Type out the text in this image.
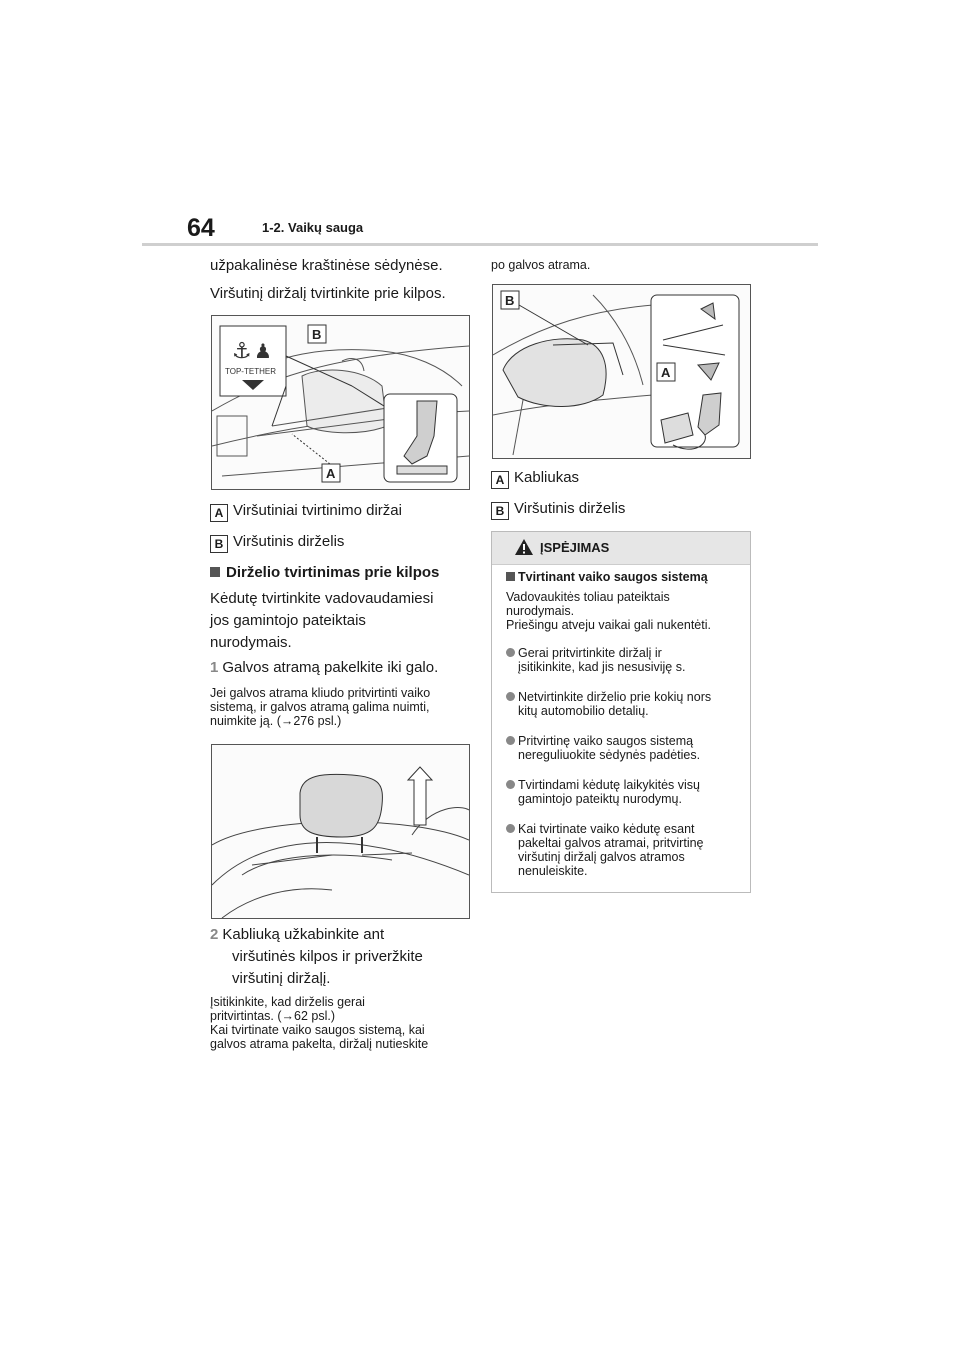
64	1-2. Vaikų sauga

užpakalinėse kraštinėse sėdynėse.

Viršutinį diržalį tvirtinkite prie kilpos.

⚓ ♟
TOP-TETHER
B
A

A Viršutiniai tvirtinimo diržai

B Viršutinis dirželis

Dirželio tvirtinimas prie kilpos

Kėdutę tvirtinkite vadovaudamiesi

jos gamintojo pateiktais

nurodymais.

1 Galvos atramą pakelkite iki galo.

Jei galvos atrama kliudo pritvirtinti vaiko

sistemą, ir galvos atramą galima nuimti,

nuimkite ją. (→276 psl.)

2 Kabliuką užkabinkite ant

viršutinės kilpos ir priveržkite

viršutinį diržaļį.

Įsitikinkite, kad dirželis gerai

pritvirtintas. (→62 psl.)

Kai tvirtinate vaiko saugos sistemą, kai

galvos atrama pakelta, diržalį nutieskite

po galvos atrama.

B
A

A Kabliukas

B Viršutinis dirželis

ĮSPĖJIMAS
Tvirtinant vaiko saugos sistemą
Vadovaukitės toliau pateiktais
nurodymais.
Priešingu atveju vaikai gali nukentėti.
Gerai pritvirtinkite diržalį ir
įsitikinkite, kad jis nesusiviję s.
Netvirtinkite dirželio prie kokių nors
kitų automobilio detalių.
Pritvirtinę vaiko saugos sistemą
nereguliuokite sėdynės padėties.
Tvirtindami kėdutę laikykitės visų
gamintojo pateiktų nurodymų.
Kai tvirtinate vaiko kėdutę esant
pakeltai galvos atramai, pritvirtinę
viršutinį diržalį galvos atramos
nenuleiskite.
